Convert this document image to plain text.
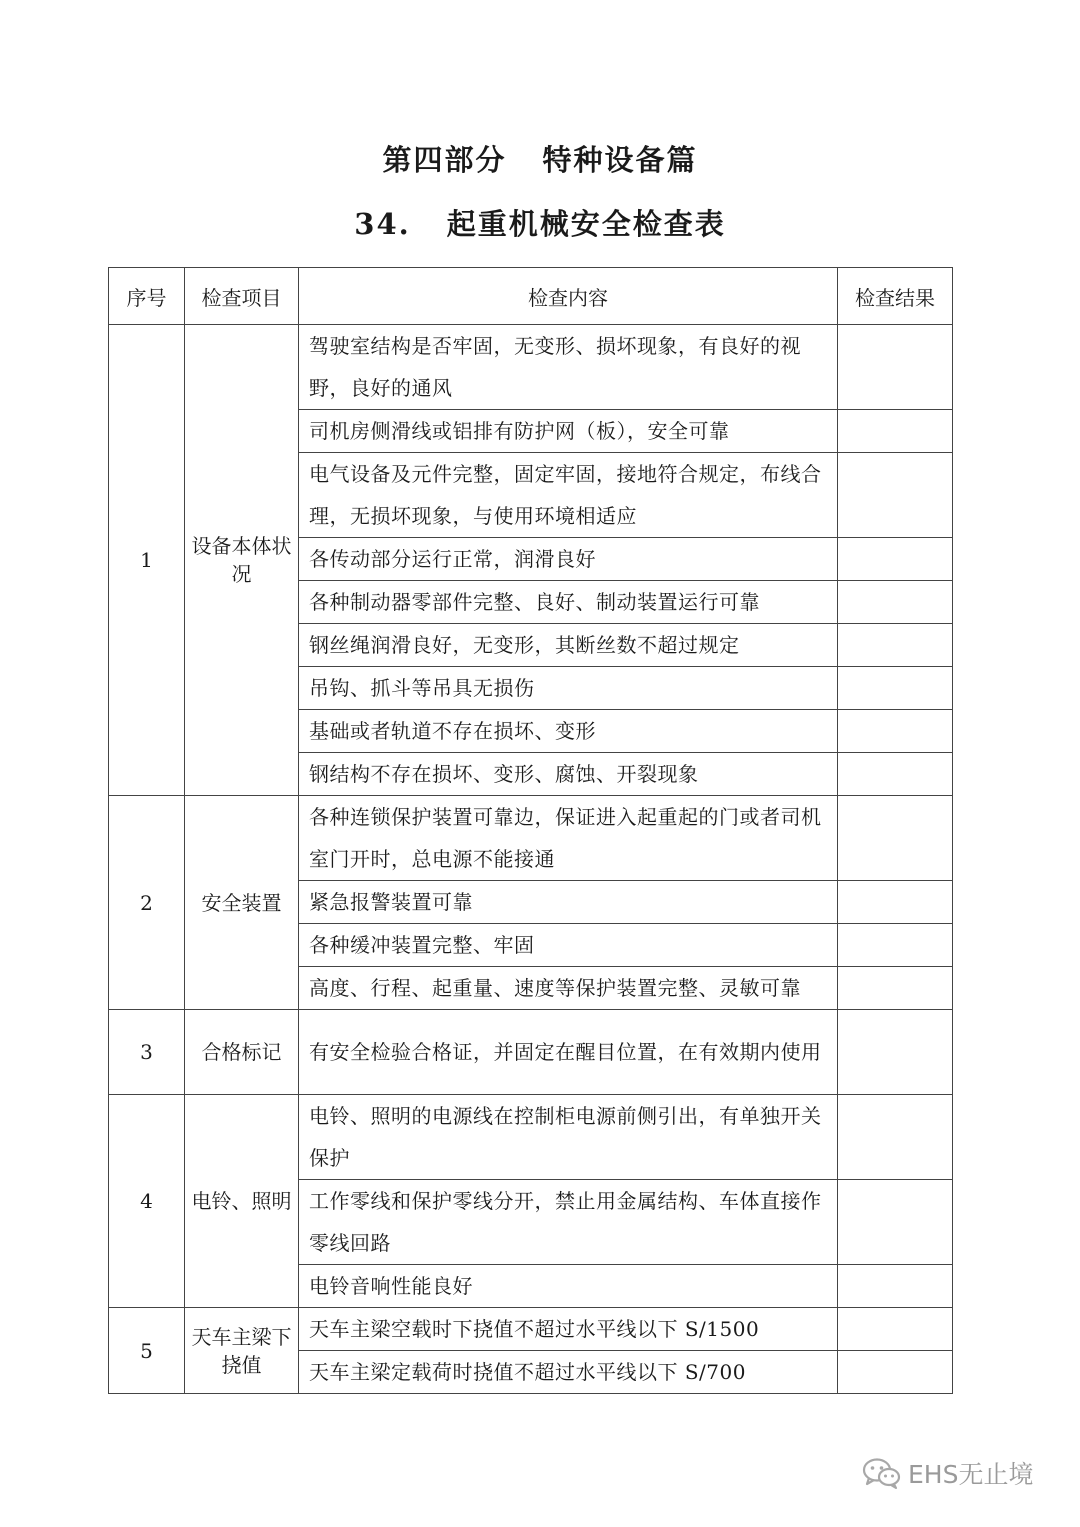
第四部分 特种设备篇
34. 起重机械安全检查表
序号	检查项目	检查内容	检查结果
1	设备本体状况	驾驶室结构是否牢固，无变形、损坏现象，有良好的视野，良好的通风	
		司机房侧滑线或铝排有防护网（板），安全可靠	
		电气设备及元件完整，固定牢固，接地符合规定，布线合理，无损坏现象，与使用环境相适应	
		各传动部分运行正常，润滑良好	
		各种制动器零部件完整、良好、制动装置运行可靠	
		钢丝绳润滑良好，无变形，其断丝数不超过规定	
		吊钩、抓斗等吊具无损伤	
		基础或者轨道不存在损坏、变形	
		钢结构不存在损坏、变形、腐蚀、开裂现象	
2	安全装置	各种连锁保护装置可靠边，保证进入起重起的门或者司机室门开时，总电源不能接通	
		紧急报警装置可靠	
		各种缓冲装置完整、牢固	
		高度、行程、起重量、速度等保护装置完整、灵敏可靠	
3	合格标记	有安全检验合格证，并固定在醒目位置，在有效期内使用	
4	电铃、照明	电铃、照明的电源线在控制柜电源前侧引出，有单独开关保护	
		工作零线和保护零线分开，禁止用金属结构、车体直接作零线回路	
		电铃音响性能良好	
5	天车主梁下挠值	天车主梁空载时下挠值不超过水平线以下 S/1500	
		天车主梁定载荷时挠值不超过水平线以下 S/700	
EHS无止境
